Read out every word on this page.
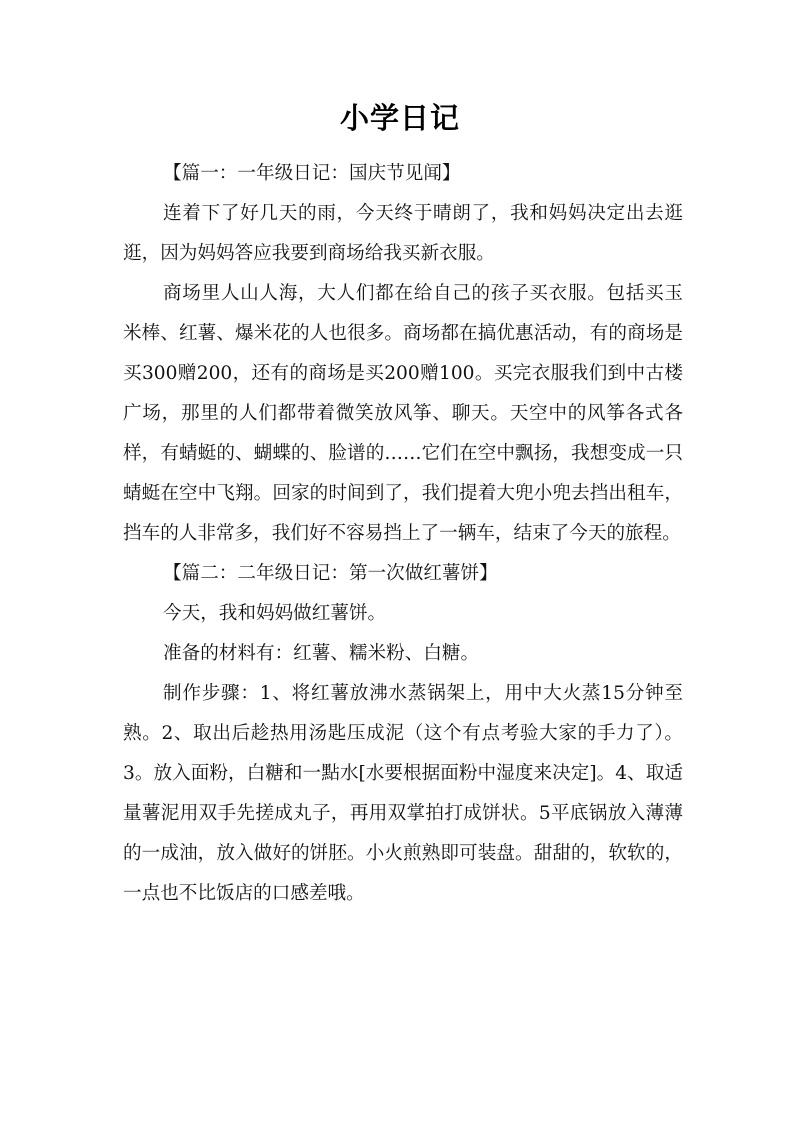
小学日记

【篇一：一年级日记：国庆节见闻】

连着下了好几天的雨，今天终于晴朗了，我和妈妈决定出去逛逛，因为妈妈答应我要到商场给我买新衣服。

商场里人山人海，大人们都在给自己的孩子买衣服。包括买玉米棒、红薯、爆米花的人也很多。商场都在搞优惠活动，有的商场是买300赠200，还有的商场是买200赠100。买完衣服我们到中古楼广场，那里的人们都带着微笑放风筝、聊天。天空中的风筝各式各样，有蜻蜓的、蝴蝶的、脸谱的……它们在空中飘扬，我想变成一只蜻蜓在空中飞翔。回家的时间到了，我们提着大兜小兜去挡出租车，挡车的人非常多，我们好不容易挡上了一辆车，结束了今天的旅程。

【篇二：二年级日记：第一次做红薯饼】

今天，我和妈妈做红薯饼。

准备的材料有：红薯、糯米粉、白糖。

制作步骤：1、将红薯放沸水蒸锅架上，用中大火蒸15分钟至熟。2、取出后趁热用汤匙压成泥（这个有点考验大家的手力了）。3。放入面粉，白糖和一點水[水要根据面粉中湿度来决定]。4、取适量薯泥用双手先搓成丸子，再用双掌拍打成饼状。5平底锅放入薄薄的一成油，放入做好的饼胚。小火煎熟即可装盘。甜甜的，软软的，一点也不比饭店的口感差哦。
